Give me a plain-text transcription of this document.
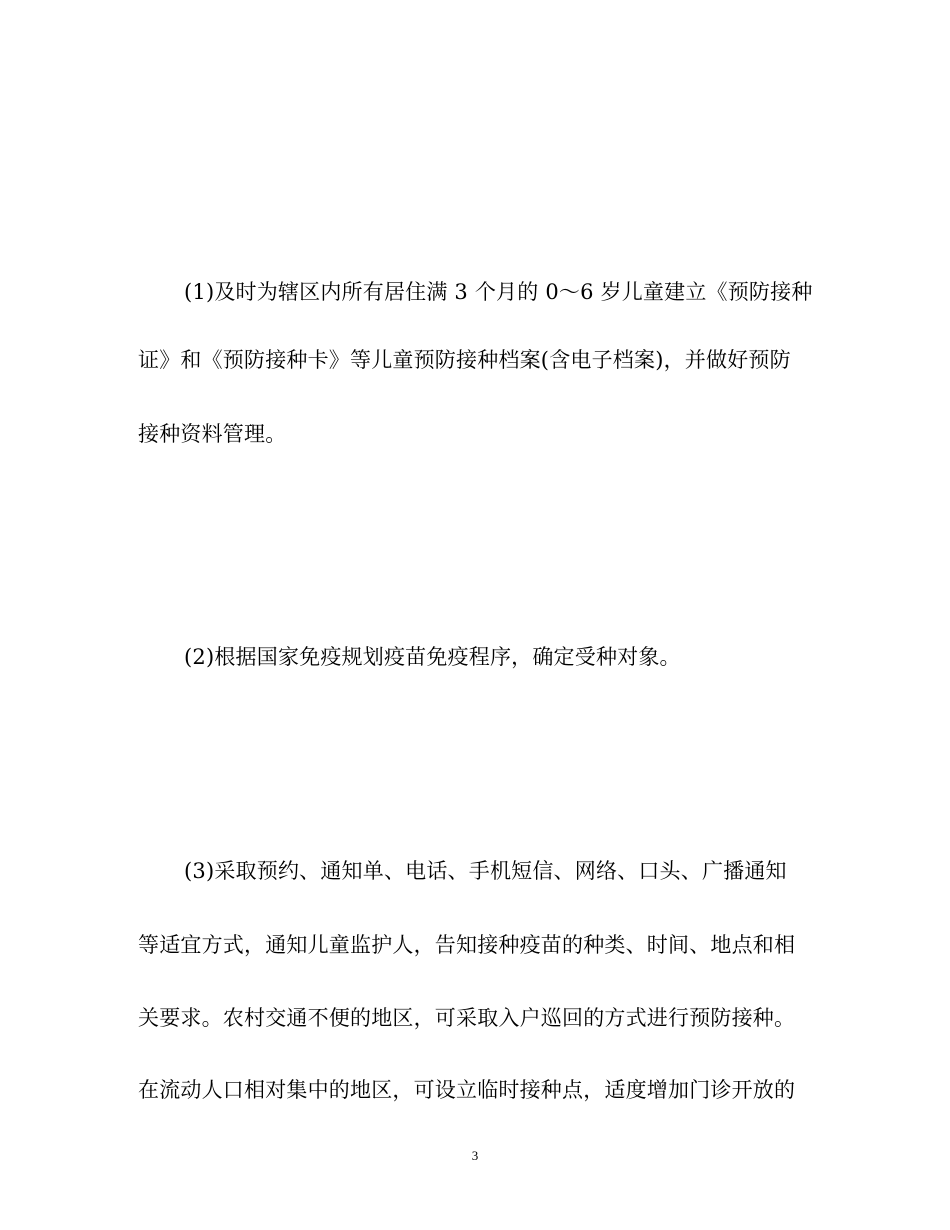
(1)及时为辖区内所有居住满 3 个月的 0～6 岁儿童建立《预防接种
证》和《预防接种卡》等儿童预防接种档案(含电子档案)，并做好预防
接种资料管理。
(2)根据国家免疫规划疫苗免疫程序，确定受种对象。
(3)采取预约、通知单、电话、手机短信、网络、口头、广播通知
等适宜方式，通知儿童监护人，告知接种疫苗的种类、时间、地点和相
关要求。农村交通不便的地区，可采取入户巡回的方式进行预防接种。
在流动人口相对集中的地区，可设立临时接种点，适度增加门诊开放的
3
